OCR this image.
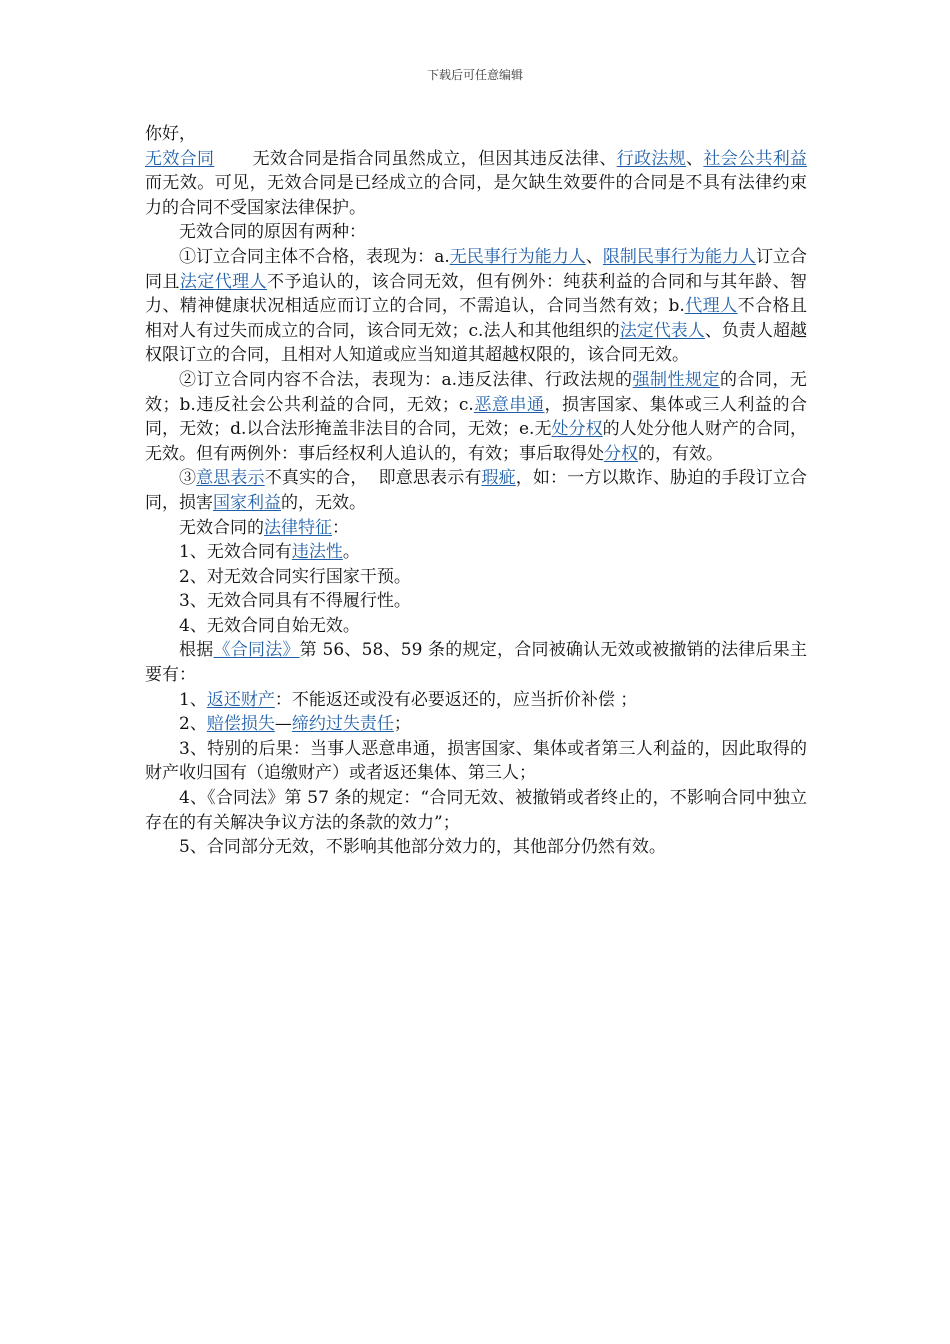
下载后可任意编辑

你好，

无效合同 无效合同是指合同虽然成立，但因其违反法律、行政法规、社会公共利益而无效。可见，无效合同是已经成立的合同，是欠缺生效要件的合同是不具有法律约束力的合同不受国家法律保护。

无效合同的原因有两种：

①订立合同主体不合格，表现为：a.无民事行为能力人、限制民事行为能力人订立合同且法定代理人不予追认的，该合同无效，但有例外：纯获利益的合同和与其年龄、智力、精神健康状况相适应而订立的合同，不需追认，合同当然有效；b.代理人不合格且相对人有过失而成立的合同，该合同无效；c.法人和其他组织的法定代表人、负责人超越权限订立的合同，且相对人知道或应当知道其超越权限的，该合同无效。

②订立合同内容不合法，表现为：a.违反法律、行政法规的强制性规定的合同，无效；b.违反社会公共利益的合同，无效；c.恶意串通，损害国家、集体或三人利益的合同，无效；d.以合法形掩盖非法目的合同，无效；e.无处分权的人处分他人财产的合同，无效。但有两例外：事后经权利人追认的，有效；事后取得处分权的，有效。

③意思表示不真实的合，  即意思表示有瑕疵，如：一方以欺诈、胁迫的手段订立合同，损害国家利益的，无效。

无效合同的法律特征：

1、无效合同有违法性。

2、对无效合同实行国家干预。

3、无效合同具有不得履行性。

4、无效合同自始无效。

根据《合同法》第 56、58、59 条的规定，合同被确认无效或被撤销的法律后果主要有：

1、返还财产：不能返还或没有必要返还的，应当折价补偿 ；

2、赔偿损失—缔约过失责任；

3、特别的后果：当事人恶意串通，损害国家、集体或者第三人利益的，因此取得的财产收归国有（追缴财产）或者返还集体、第三人；

4、《合同法》第 57 条的规定：“合同无效、被撤销或者终止的，不影响合同中独立存在的有关解决争议方法的条款的效力”；

5、合同部分无效，不影响其他部分效力的，其他部分仍然有效。
